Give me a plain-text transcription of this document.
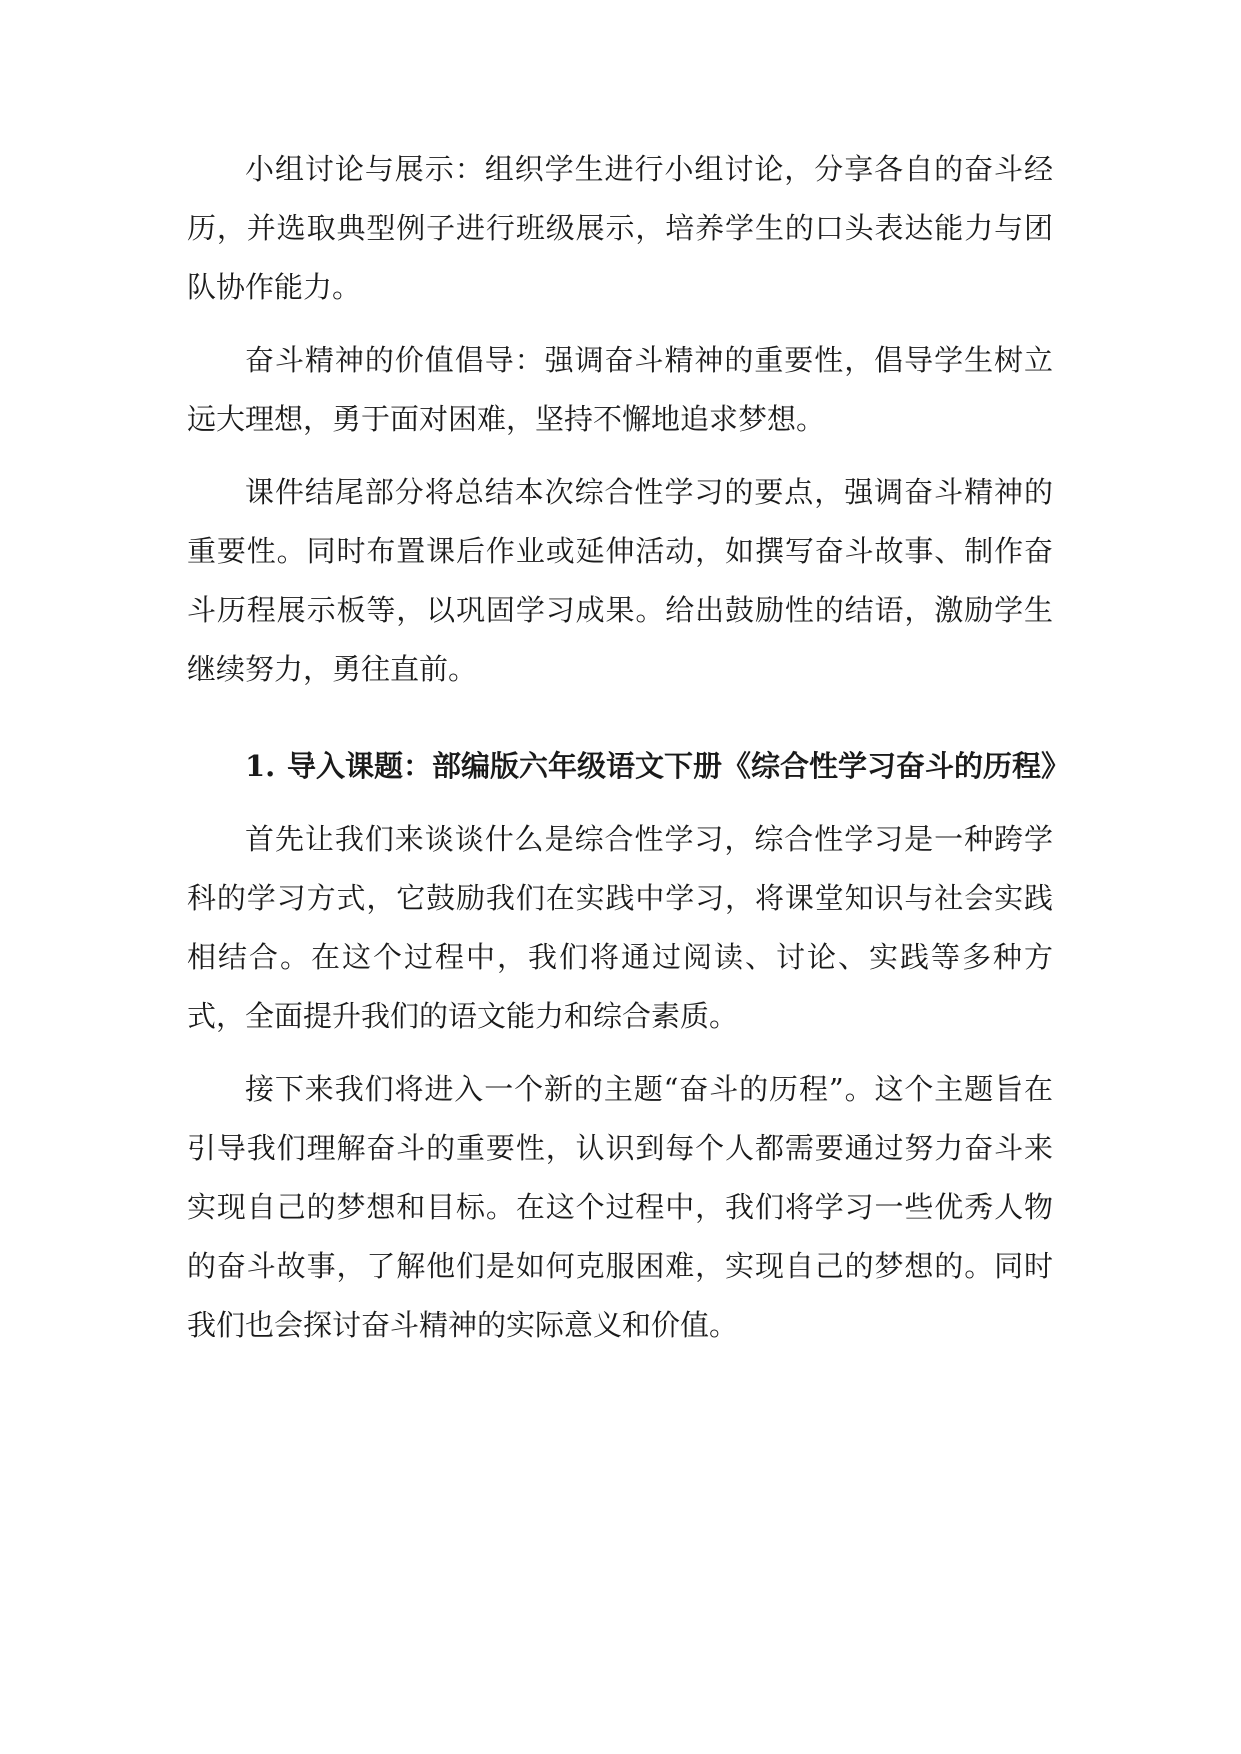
小组讨论与展示：组织学生进行小组讨论，分享各自的奋斗经历，并选取典型例子进行班级展示，培养学生的口头表达能力与团队协作能力。

奋斗精神的价值倡导：强调奋斗精神的重要性，倡导学生树立远大理想，勇于面对困难，坚持不懈地追求梦想。

课件结尾部分将总结本次综合性学习的要点，强调奋斗精神的重要性。同时布置课后作业或延伸活动，如撰写奋斗故事、制作奋斗历程展示板等，以巩固学习成果。给出鼓励性的结语，激励学生继续努力，勇往直前。

1. 导入课题：部编版六年级语文下册《综合性学习奋斗的历程》

首先让我们来谈谈什么是综合性学习，综合性学习是一种跨学科的学习方式，它鼓励我们在实践中学习，将课堂知识与社会实践相结合。在这个过程中，我们将通过阅读、讨论、实践等多种方式，全面提升我们的语文能力和综合素质。

接下来我们将进入一个新的主题“奋斗的历程”。这个主题旨在引导我们理解奋斗的重要性，认识到每个人都需要通过努力奋斗来实现自己的梦想和目标。在这个过程中，我们将学习一些优秀人物的奋斗故事，了解他们是如何克服困难，实现自己的梦想的。同时我们也会探讨奋斗精神的实际意义和价值。
